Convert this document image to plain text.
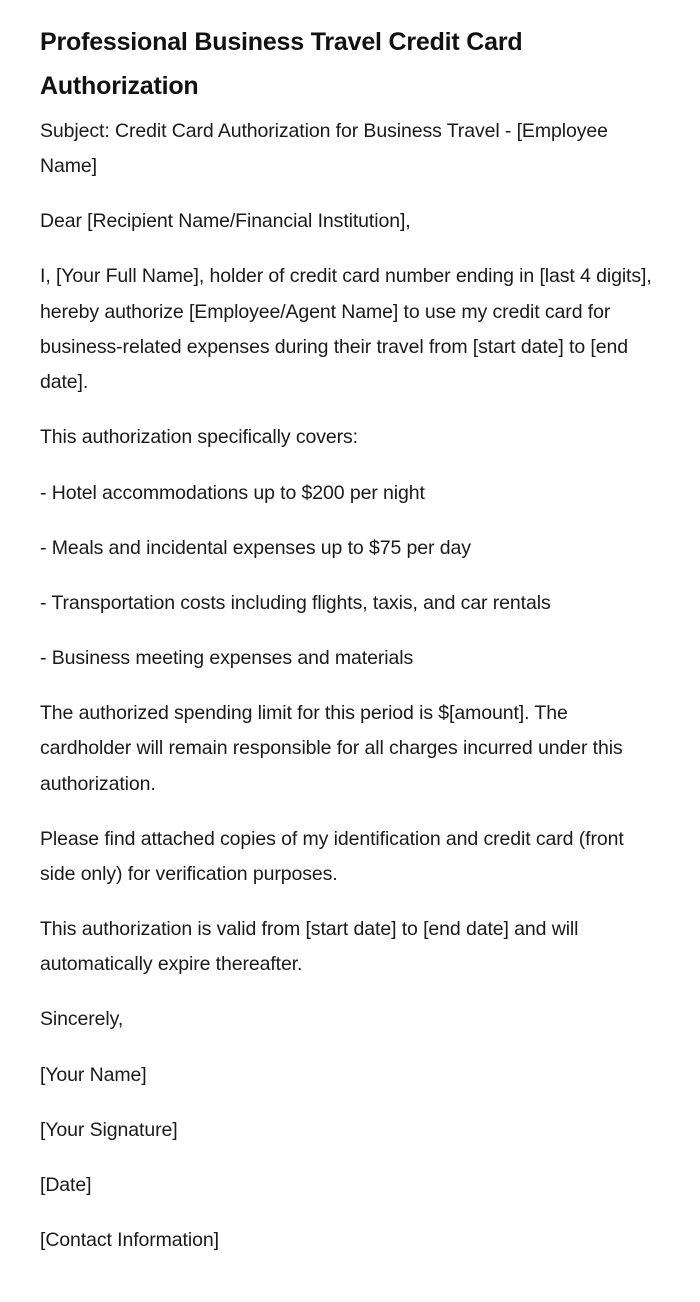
Professional Business Travel Credit Card Authorization

Subject: Credit Card Authorization for Business Travel - [Employee Name]

Dear [Recipient Name/Financial Institution],

I, [Your Full Name], holder of credit card number ending in [last 4 digits], hereby authorize [Employee/Agent Name] to use my credit card for business-related expenses during their travel from [start date] to [end date].

This authorization specifically covers:

- Hotel accommodations up to $200 per night

- Meals and incidental expenses up to $75 per day

- Transportation costs including flights, taxis, and car rentals

- Business meeting expenses and materials

The authorized spending limit for this period is $[amount]. The cardholder will remain responsible for all charges incurred under this authorization.

Please find attached copies of my identification and credit card (front side only) for verification purposes.

This authorization is valid from [start date] to [end date] and will automatically expire thereafter.

Sincerely,

[Your Name]

[Your Signature]

[Date]

[Contact Information]
